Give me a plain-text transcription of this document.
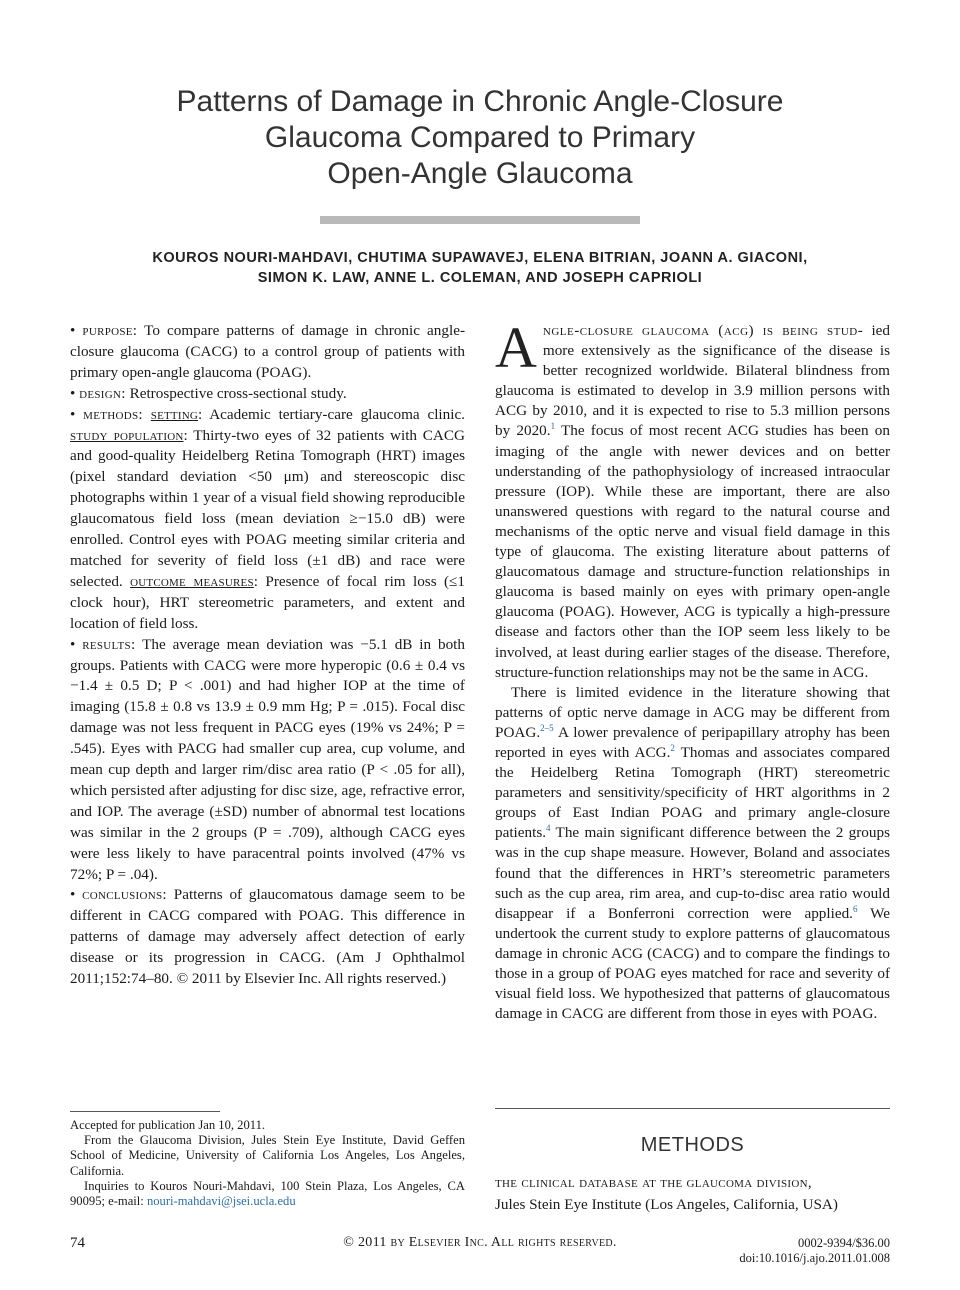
Patterns of Damage in Chronic Angle-Closure
Glaucoma Compared to Primary
Open-Angle Glaucoma
KOUROS NOURI-MAHDAVI, CHUTIMA SUPAWAVEJ, ELENA BITRIAN, JOANN A. GIACONI,
SIMON K. LAW, ANNE L. COLEMAN, AND JOSEPH CAPRIOLI

• purpose: To compare patterns of damage in chronic angle-closure glaucoma (CACG) to a control group of patients with primary open-angle glaucoma (POAG).

• design: Retrospective cross-sectional study.

• methods: setting: Academic tertiary-care glaucoma clinic. study population: Thirty-two eyes of 32 patients with CACG and good-quality Heidelberg Retina Tomograph (HRT) images (pixel standard deviation <50 μm) and stereoscopic disc photographs within 1 year of a visual field showing reproducible glaucomatous field loss (mean deviation ≥−15.0 dB) were enrolled. Control eyes with POAG meeting similar criteria and matched for severity of field loss (±1 dB) and race were selected. outcome measures: Presence of focal rim loss (≤1 clock hour), HRT stereometric parameters, and extent and location of field loss.

• results: The average mean deviation was −5.1 dB in both groups. Patients with CACG were more hyperopic (0.6 ± 0.4 vs −1.4 ± 0.5 D; P < .001) and had higher IOP at the time of imaging (15.8 ± 0.8 vs 13.9 ± 0.9 mm Hg; P = .015). Focal disc damage was not less frequent in PACG eyes (19% vs 24%; P = .545). Eyes with PACG had smaller cup area, cup volume, and mean cup depth and larger rim/disc area ratio (P < .05 for all), which persisted after adjusting for disc size, age, refractive error, and IOP. The average (±SD) number of abnormal test locations was similar in the 2 groups (P = .709), although CACG eyes were less likely to have paracentral points involved (47% vs 72%; P = .04).

• conclusions: Patterns of glaucomatous damage seem to be different in CACG compared with POAG. This difference in patterns of damage may adversely affect detection of early disease or its progression in CACG. (Am J Ophthalmol 2011;152:74–80. © 2011 by Elsevier Inc. All rights reserved.)

Angle-closure glaucoma (acg) is being stud- ied more extensively as the significance of the disease is better recognized worldwide. Bilateral blindness from glaucoma is estimated to develop in 3.9 million persons with ACG by 2010, and it is expected to rise to 5.3 million persons by 2020.$^1$ The focus of most recent ACG studies has been on imaging of the angle with newer devices and on better understanding of the pathophysiology of increased intraocular pressure (IOP). While these are important, there are also unanswered questions with regard to the natural course and mechanisms of the optic nerve and visual field damage in this type of glaucoma. The existing literature about patterns of glaucomatous damage and structure-function relationships in glaucoma is based mainly on eyes with primary open-angle glaucoma (POAG). However, ACG is typically a high-pressure disease and factors other than the IOP seem less likely to be involved, at least during earlier stages of the disease. Therefore, structure-function relationships may not be the same in ACG.

There is limited evidence in the literature showing that patterns of optic nerve damage in ACG may be different from POAG.$^{2-5}$ A lower prevalence of peripapillary atrophy has been reported in eyes with ACG.$^2$ Thomas and associates compared the Heidelberg Retina Tomograph (HRT) stereometric parameters and sensitivity/specificity of HRT algorithms in 2 groups of East Indian POAG and primary angle-closure patients.$^4$ The main significant difference between the 2 groups was in the cup shape measure. However, Boland and associates found that the differences in HRT’s stereometric parameters such as the cup area, rim area, and cup-to-disc area ratio would disappear if a Bonferroni correction were applied.$^6$ We undertook the current study to explore patterns of glaucomatous damage in chronic ACG (CACG) and to compare the findings to those in a group of POAG eyes matched for race and severity of visual field loss. We hypothesized that patterns of glaucomatous damage in CACG are different from those in eyes with POAG.

METHODS
the clinical database at the glaucoma division,
Jules Stein Eye Institute (Los Angeles, California, USA)

Accepted for publication Jan 10, 2011.

From the Glaucoma Division, Jules Stein Eye Institute, David Geffen School of Medicine, University of California Los Angeles, Los Angeles, California.

Inquiries to Kouros Nouri-Mahdavi, 100 Stein Plaza, Los Angeles, CA 90095; e-mail: nouri-mahdavi@jsei.ucla.edu

74	© 2011 by Elsevier Inc. All rights reserved.	0002-9394/$36.00
doi:10.1016/j.ajo.2011.01.008
